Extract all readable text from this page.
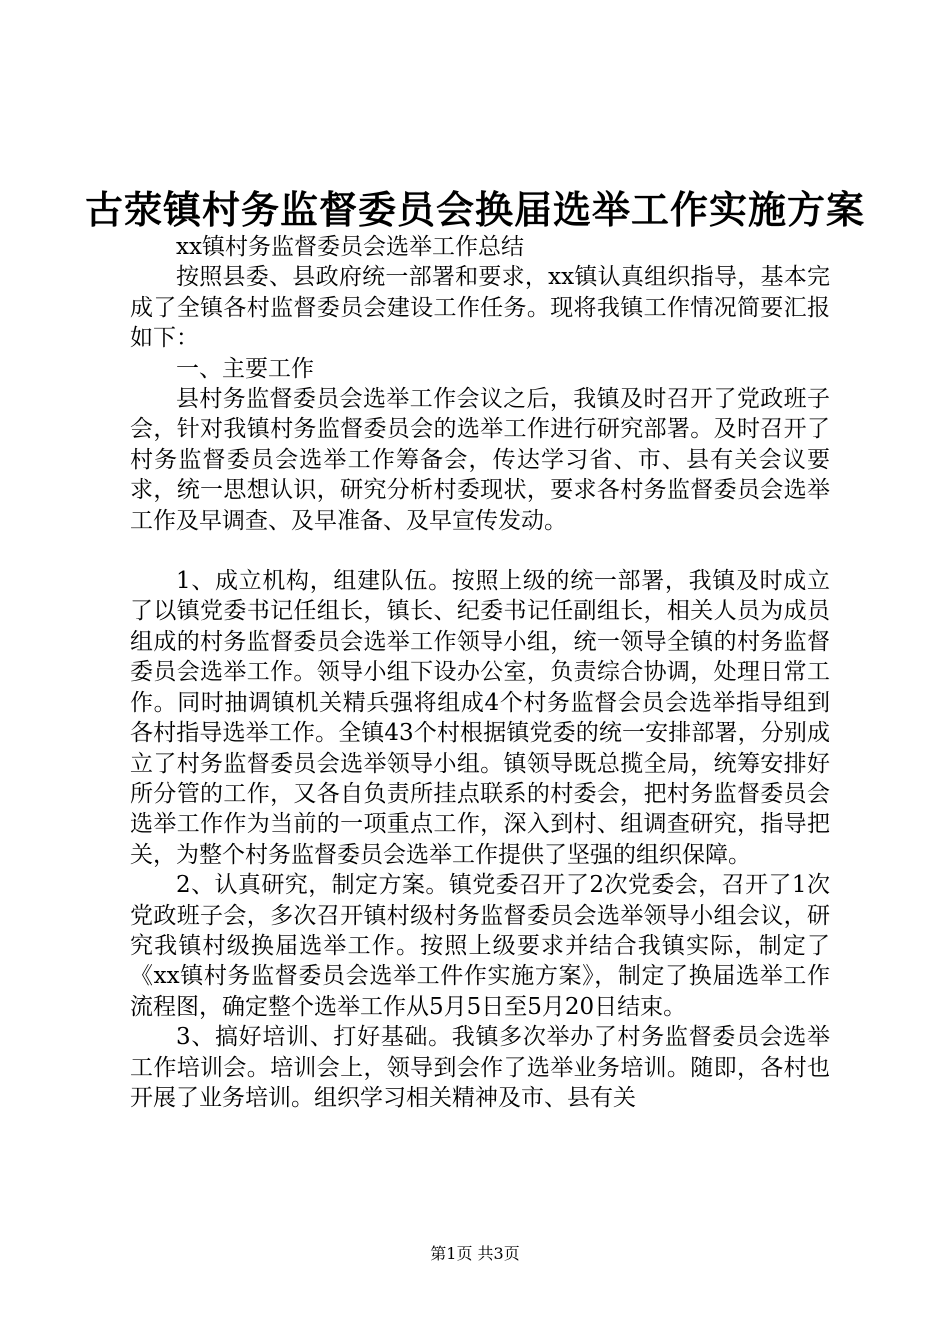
古荥镇村务监督委员会换届选举工作实施方案

xx镇村务监督委员会选举工作总结

按照县委、县政府统一部署和要求，xx镇认真组织指导，基本完成了全镇各村监督委员会建设工作任务。现将我镇工作情况简要汇报如下：

一、主要工作

县村务监督委员会选举工作会议之后，我镇及时召开了党政班子会，针对我镇村务监督委员会的选举工作进行研究部署。及时召开了村务监督委员会选举工作筹备会，传达学习省、市、县有关会议要求，统一思想认识，研究分析村委现状，要求各村务监督委员会选举工作及早调查、及早准备、及早宣传发动。

1、成立机构，组建队伍。按照上级的统一部署，我镇及时成立了以镇党委书记任组长，镇长、纪委书记任副组长，相关人员为成员组成的村务监督委员会选举工作领导小组，统一领导全镇的村务监督委员会选举工作。领导小组下设办公室，负责综合协调，处理日常工作。同时抽调镇机关精兵强将组成4个村务监督会员会选举指导组到各村指导选举工作。全镇43个村根据镇党委的统一安排部署，分别成立了村务监督委员会选举领导小组。镇领导既总揽全局，统筹安排好所分管的工作，又各自负责所挂点联系的村委会，把村务监督委员会选举工作作为当前的一项重点工作，深入到村、组调查研究，指导把关，为整个村务监督委员会选举工作提供了坚强的组织保障。

2、认真研究，制定方案。镇党委召开了2次党委会，召开了1次党政班子会，多次召开镇村级村务监督委员会选举领导小组会议，研究我镇村级换届选举工作。按照上级要求并结合我镇实际，制定了《xx镇村务监督委员会选举工件作实施方案》，制定了换届选举工作流程图，确定整个选举工作从5月5日至5月20日结束。

3、搞好培训、打好基础。我镇多次举办了村务监督委员会选举工作培训会。培训会上，领导到会作了选举业务培训。随即，各村也开展了业务培训。组织学习相关精神及市、县有关

第1页 共3页
